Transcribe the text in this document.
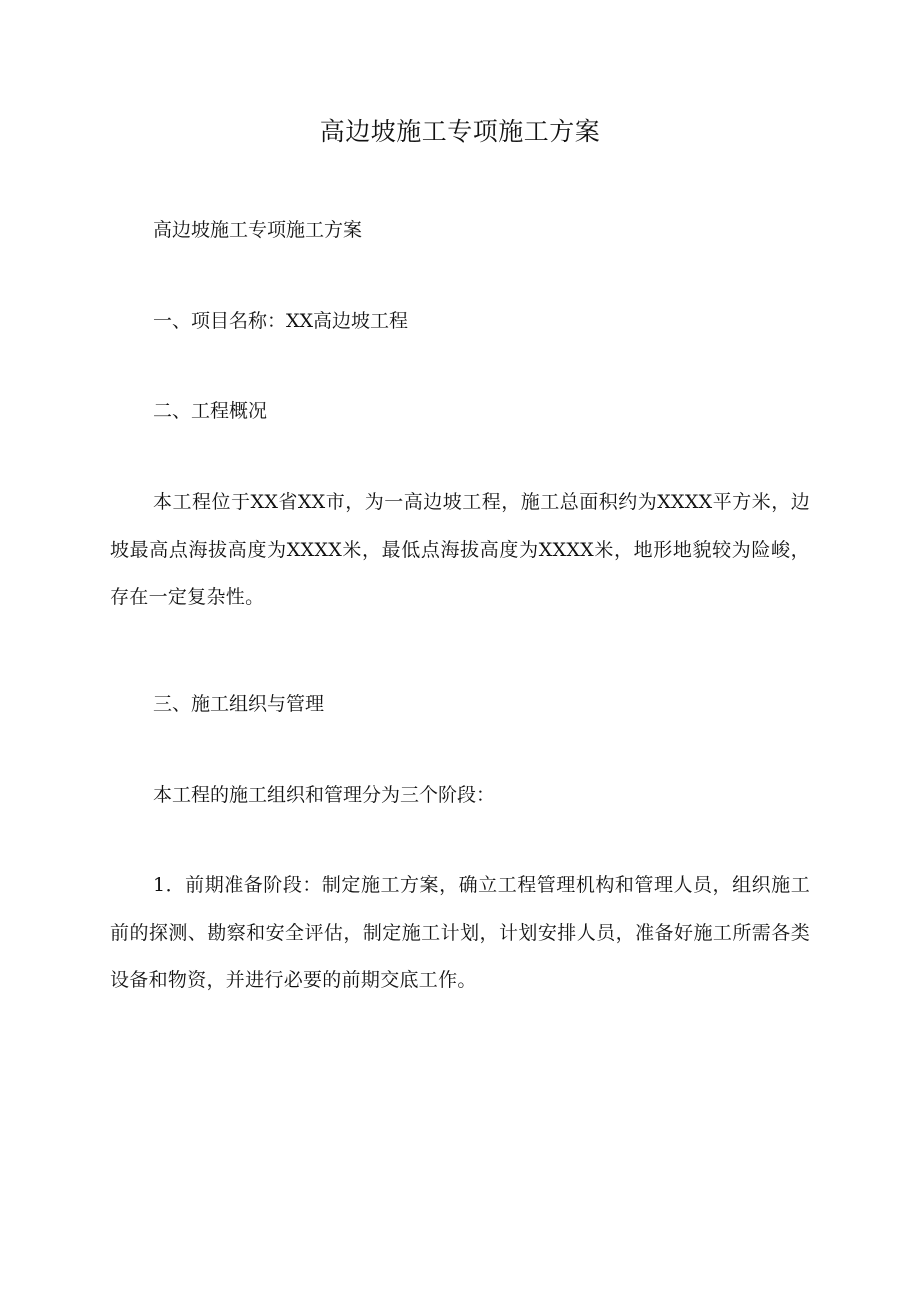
高边坡施工专项施工方案

高边坡施工专项施工方案

一、项目名称：XX高边坡工程

二、工程概况

本工程位于XX省XX市，为一高边坡工程，施工总面积约为XXXX平方米，边坡最高点海拔高度为XXXX米，最低点海拔高度为XXXX米，地形地貌较为险峻，存在一定复杂性。

三、施工组织与管理

本工程的施工组织和管理分为三个阶段：

1．前期准备阶段：制定施工方案，确立工程管理机构和管理人员，组织施工前的探测、勘察和安全评估，制定施工计划，计划安排人员，准备好施工所需各类设备和物资，并进行必要的前期交底工作。
